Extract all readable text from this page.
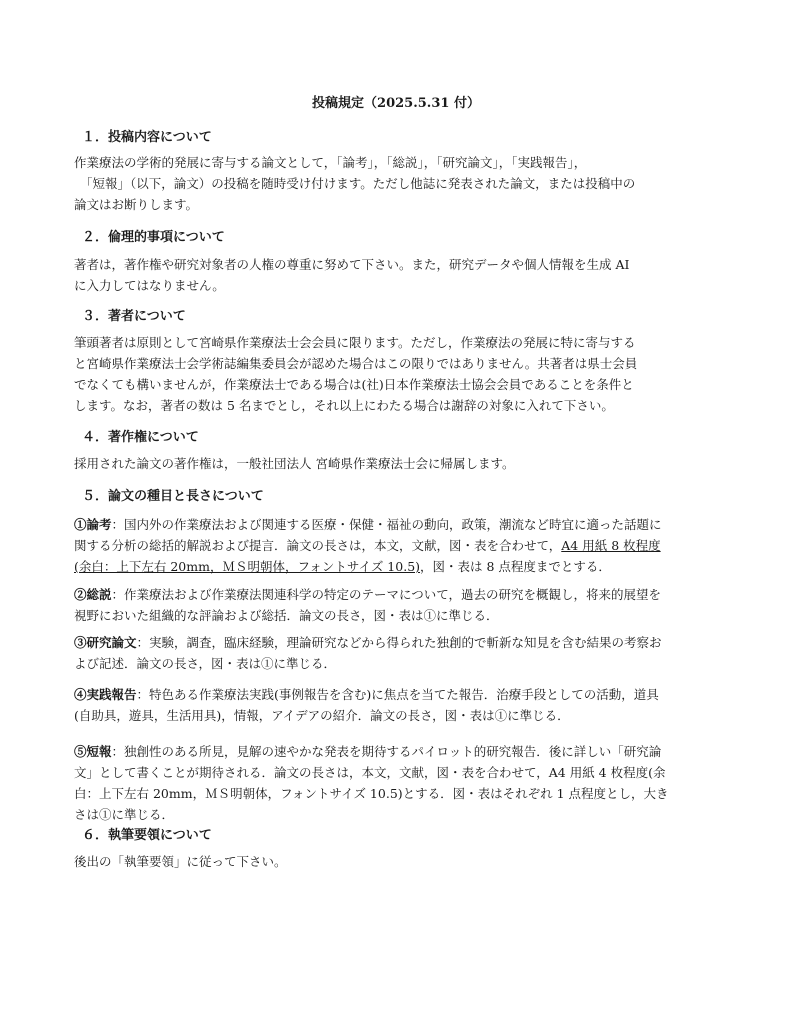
投稿規定（2025.5.31 付）
１．投稿内容について
作業療法の学術的発展に寄与する論文として，「論考」，「総説」，「研究論文」，「実践報告」，
「短報」（以下，論文）の投稿を随時受け付けます。ただし他誌に発表された論文，または投稿中の
論文はお断りします。
２．倫理的事項について
著者は，著作権や研究対象者の人権の尊重に努めて下さい。また，研究データや個人情報を生成 AI
に入力してはなりません。
３．著者について
筆頭著者は原則として宮崎県作業療法士会会員に限ります。ただし，作業療法の発展に特に寄与する
と宮崎県作業療法士会学術誌編集委員会が認めた場合はこの限りではありません。共著者は県士会員
でなくても構いませんが，作業療法士である場合は(社)日本作業療法士協会会員であることを条件と
します。なお，著者の数は 5 名までとし，それ以上にわたる場合は謝辞の対象に入れて下さい。
４．著作権について
採用された論文の著作権は，一般社団法人 宮崎県作業療法士会に帰属します。
５．論文の種目と長さについて
①論考：国内外の作業療法および関連する医療・保健・福祉の動向，政策，潮流など時宜に適った話題に
関する分析の総括的解説および提言．論文の長さは，本文，文献，図・表を合わせて，A4 用紙 8 枚程度
(余白：上下左右 20mm，ＭＳ明朝体，フォントサイズ 10.5)，図・表は 8 点程度までとする．
②総説：作業療法および作業療法関連科学の特定のテーマについて，過去の研究を概観し，将来的展望を
視野においた組織的な評論および総括．論文の長さ，図・表は①に準じる．
③研究論文：実験，調査，臨床経験，理論研究などから得られた独創的で斬新な知見を含む結果の考察お
よび記述．論文の長さ，図・表は①に準じる．
④実践報告：特色ある作業療法実践(事例報告を含む)に焦点を当てた報告．治療手段としての活動，道具
(自助具，遊具，生活用具)，情報，アイデアの紹介．論文の長さ，図・表は①に準じる．
⑤短報：独創性のある所見，見解の速やかな発表を期待するパイロット的研究報告．後に詳しい「研究論
文」として書くことが期待される．論文の長さは，本文，文献，図・表を合わせて，A4 用紙 4 枚程度(余
白：上下左右 20mm，ＭＳ明朝体，フォントサイズ 10.5)とする．図・表はそれぞれ 1 点程度とし，大き
さは①に準じる．
６．執筆要領について
後出の「執筆要領」に従って下さい。
